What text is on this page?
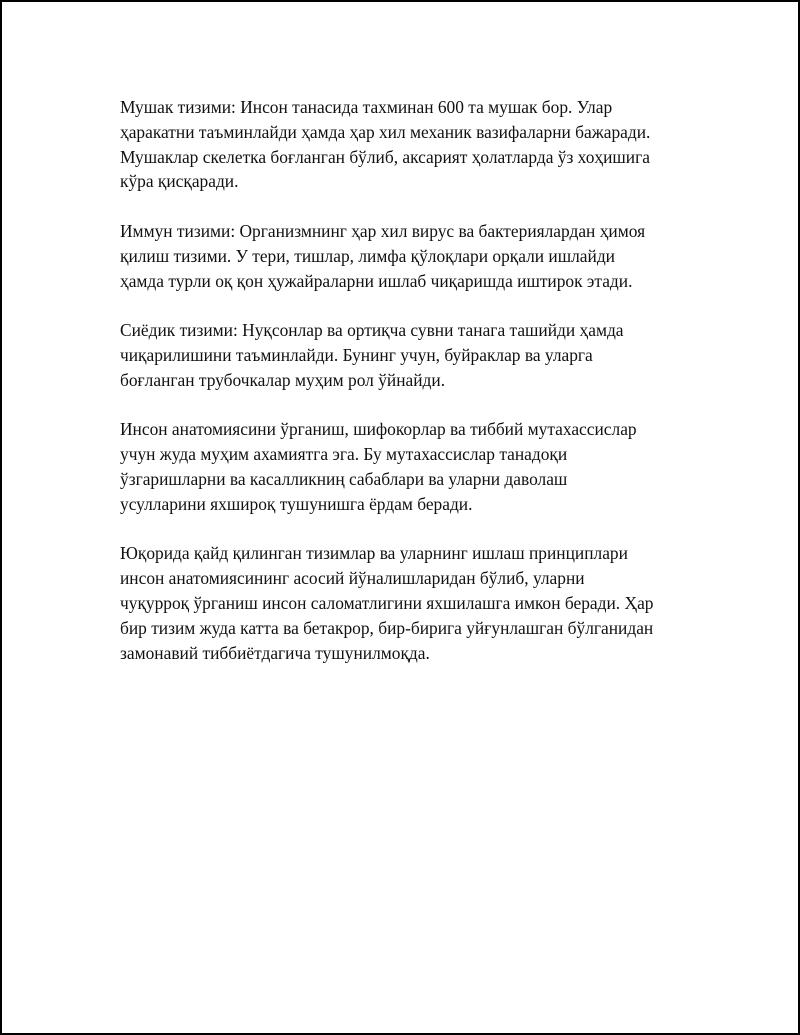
Мушак тизими: Инсон танасида тахминан 600 та мушак бор. Улар
ҳаракатни таъминлайди ҳамда ҳар хил механик вазифаларни бажаради.
Мушаклар скелетка боғланган бўлиб, аксарият ҳолатларда ўз хоҳишига
кўра қисқаради.

Иммун тизими: Организмнинг ҳар хил вирус ва бактериялардан ҳимоя
қилиш тизими. У тери, тишлар, лимфа қўлоқлари орқали ишлайди
ҳамда турли оқ қон ҳужайраларни ишлаб чиқаришда иштирок этади.

Сиёдик тизими: Нуқсонлар ва ортиқча сувни танага ташийди ҳамда
чиқарилишини таъминлайди. Бунинг учун, буйраклар ва уларга
боғланган трубочкалар муҳим рол ўйнайди.

Инсон анатомиясини ўрганиш, шифокорлар ва тиббий мутахассислар
учун жуда муҳим ахамиятга эга. Бу мутахассислар танадоқи
ўзгаришларни ва касалликниң сабаблари ва уларни даволаш
усулларини яхшироқ тушунишга ёрдам беради.

Юқорида қайд қилинган тизимлар ва уларнинг ишлаш принциплари
инсон анатомиясининг асосий йўналишларидан бўлиб, уларни
чуқурроқ ўрганиш инсон саломатлигини яхшилашга имкон беради. Ҳар
бир тизим жуда катта ва бетакрор, бир-бирига уйғунлашган бўлганидан
замонавий тиббиётдагича тушунилмоқда.
